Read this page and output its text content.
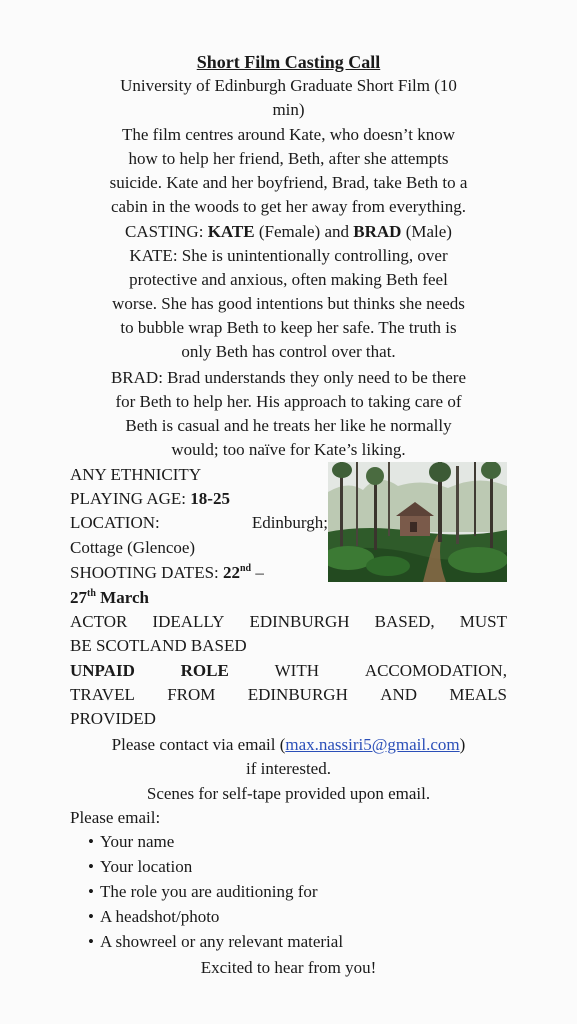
Short Film Casting Call
University of Edinburgh Graduate Short Film (10
min)
The film centres around Kate, who doesn’t know
how to help her friend, Beth, after she attempts
suicide. Kate and her boyfriend, Brad, take Beth to a
cabin in the woods to get her away from everything.
CASTING: KATE (Female) and BRAD (Male)
KATE: She is unintentionally controlling, over
protective and anxious, often making Beth feel
worse. She has good intentions but thinks she needs
to bubble wrap Beth to keep her safe. The truth is
only Beth has control over that.
BRAD: Brad understands they only need to be there
for Beth to help her. His approach to taking care of
Beth is casual and he treats her like he normally
would; too naïve for Kate’s liking.
ANY ETHNICITY
PLAYING AGE: 18-25
LOCATION:	Edinburgh;
Cottage (Glencoe)
SHOOTING DATES: 22nd –
27th March
ACTOR IDEALLY EDINBURGH BASED, MUST
BE SCOTLAND BASED
UNPAID	ROLE	WITH	ACCOMODATION,
TRAVEL FROM EDINBURGH AND MEALS
PROVIDED
Please contact via email (max.nassiri5@gmail.com)
if interested.
Scenes for self-tape provided upon email.
Please email:
• Your name
• Your location
• The role you are auditioning for
• A headshot/photo
• A showreel or any relevant material
Excited to hear from you!
